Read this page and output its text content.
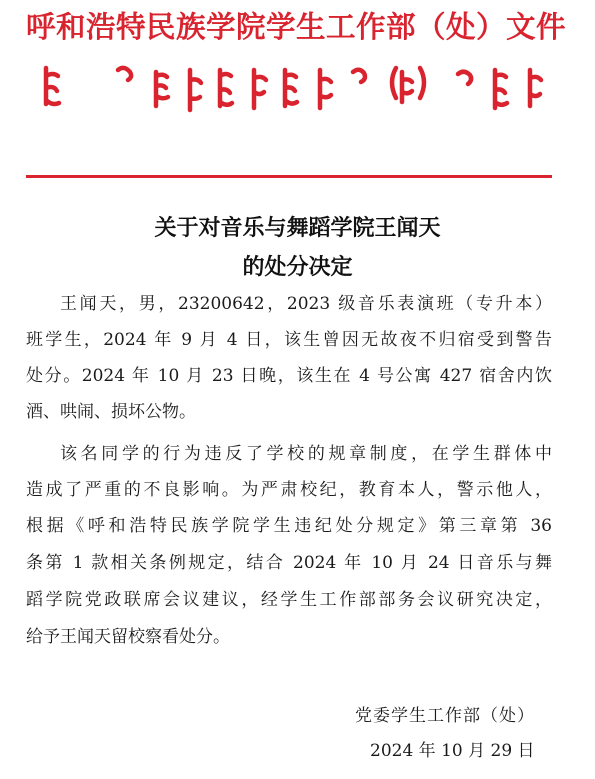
呼和浩特民族学院学生工作部（处）文件
关于对音乐与舞蹈学院王闻天
的处分决定
王闻天，男，23200642，2023 级音乐表演班（专升本）
班学生，2024 年 9 月 4 日，该生曾因无故夜不归宿受到警告
处分。2024 年 10 月 23 日晚，该生在 4 号公寓 427 宿舍内饮
酒、哄闹、损坏公物。
该名同学的行为违反了学校的规章制度，在学生群体中
造成了严重的不良影响。为严肃校纪，教育本人，警示他人，
根据《呼和浩特民族学院学生违纪处分规定》第三章第 36
条第 1 款相关条例规定，结合 2024 年 10 月 24 日音乐与舞
蹈学院党政联席会议建议，经学生工作部部务会议研究决定，
给予王闻天留校察看处分。
党委学生工作部（处）
2024 年 10 月 29 日
